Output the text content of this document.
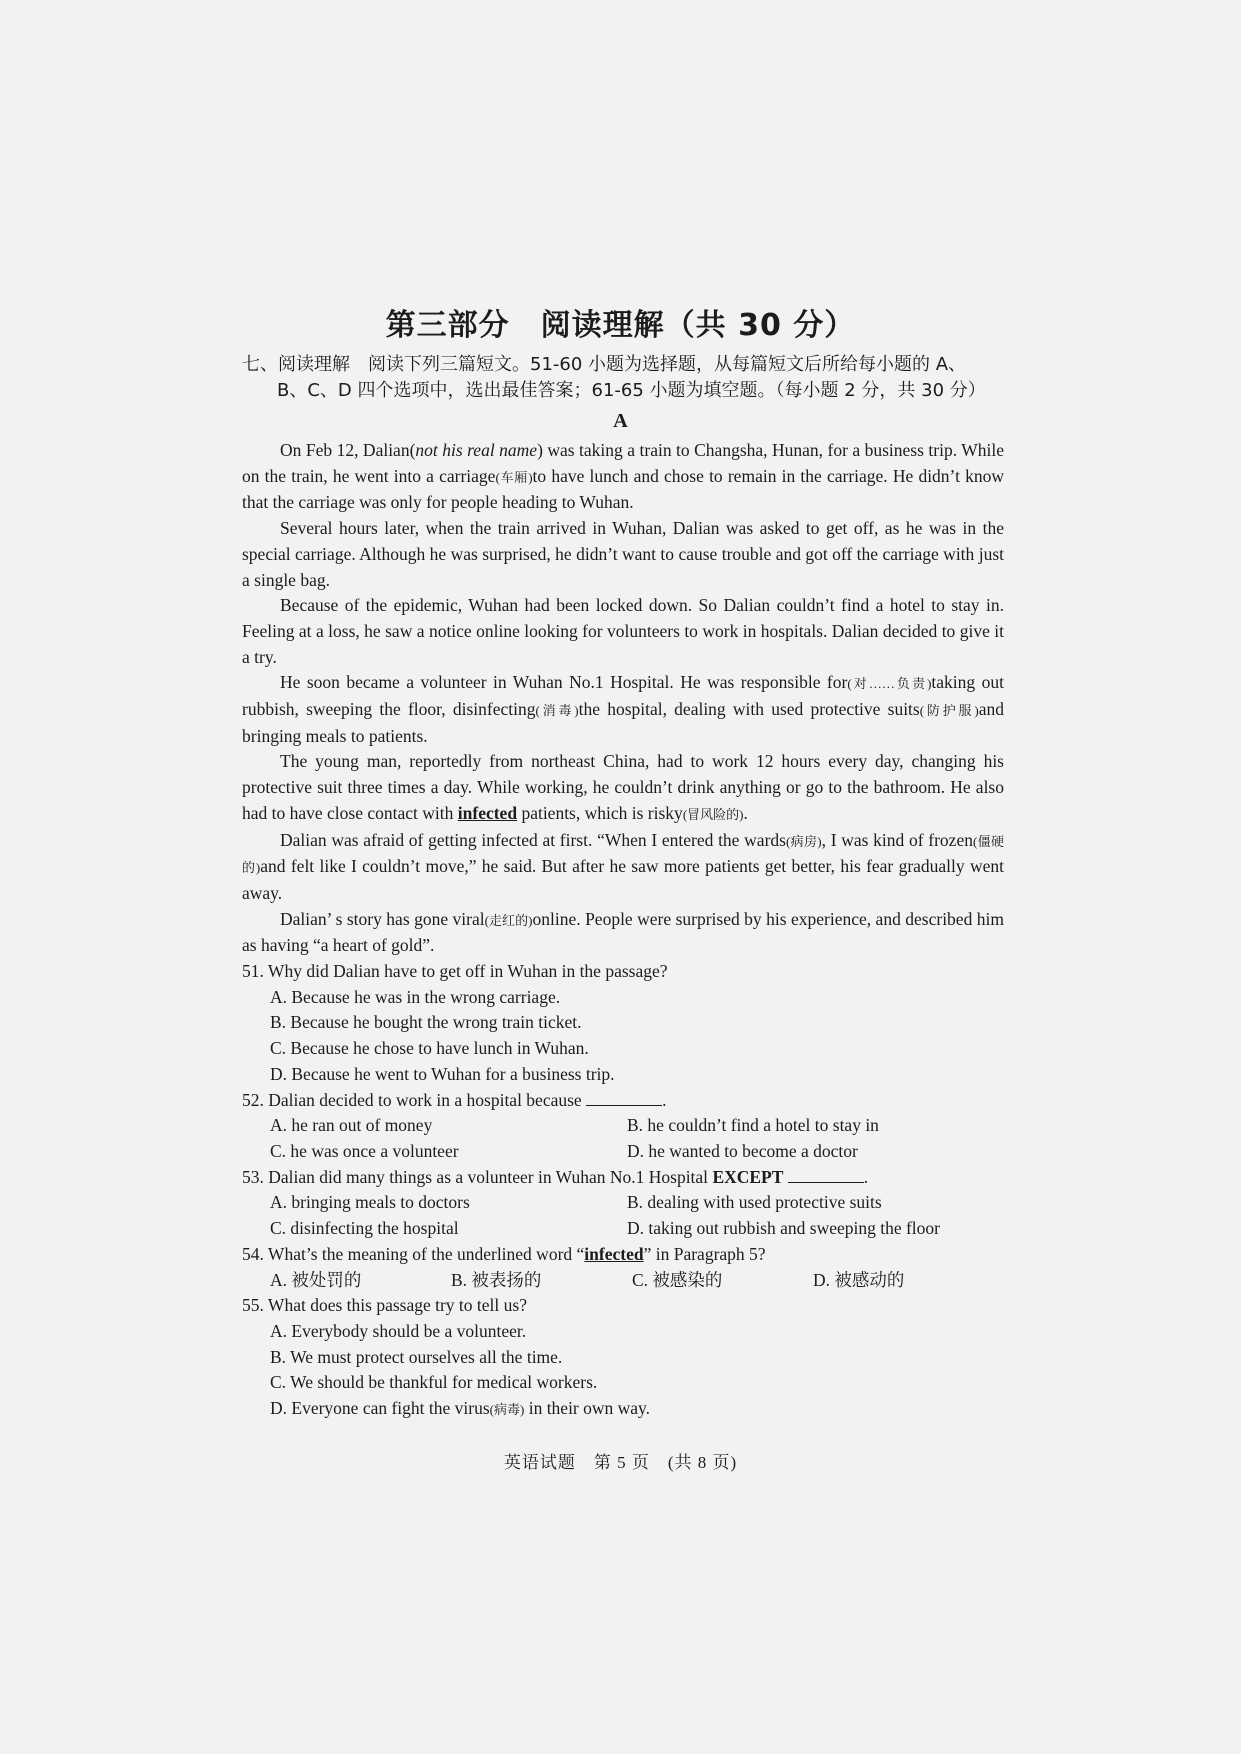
第三部分　阅读理解（共 30 分）
七、阅读理解　阅读下列三篇短文。51-60 小题为选择题，从每篇短文后所给每小题的 A、
B、C、D 四个选项中，选出最佳答案；61-65 小题为填空题。（每小题 2 分，共 30 分）
A

On Feb 12, Dalian(not his real name) was taking a train to Changsha, Hunan, for a business trip. While on the train, he went into a carriage(车厢)to have lunch and chose to remain in the carriage. He didn’t know that the carriage was only for people heading to Wuhan.

Several hours later, when the train arrived in Wuhan, Dalian was asked to get off, as he was in the special carriage. Although he was surprised, he didn’t want to cause trouble and got off the carriage with just a single bag.

Because of the epidemic, Wuhan had been locked down. So Dalian couldn’t find a hotel to stay in. Feeling at a loss, he saw a notice online looking for volunteers to work in hospitals. Dalian decided to give it a try.

He soon became a volunteer in Wuhan No.1 Hospital. He was responsible for(对……负责)taking out rubbish, sweeping the floor, disinfecting(消毒)the hospital, dealing with used protective suits(防护服)and bringing meals to patients.

The young man, reportedly from northeast China, had to work 12 hours every day, changing his protective suit three times a day. While working, he couldn’t drink anything or go to the bathroom. He also had to have close contact with infected patients, which is risky(冒风险的).

Dalian was afraid of getting infected at first. “When I entered the wards(病房), I was kind of frozen(僵硬的)and felt like I couldn’t move,” he said. But after he saw more patients get better, his fear gradually went away.

Dalian’ s story has gone viral(走红的)online. People were surprised by his experience, and described him as having “a heart of gold”.

51. Why did Dalian have to get off in Wuhan in the passage?
A. Because he was in the wrong carriage.
B. Because he bought the wrong train ticket.
C. Because he chose to have lunch in Wuhan.
D. Because he went to Wuhan for a business trip.
52. Dalian decided to work in a hospital because	.
A. he ran out of money	B. he couldn’t find a hotel to stay in
C. he was once a volunteer	D. he wanted to become a doctor
53. Dalian did many things as a volunteer in Wuhan No.1 Hospital EXCEPT	.
A. bringing meals to doctors	B. dealing with used protective suits
C. disinfecting the hospital	D. taking out rubbish and sweeping the floor
54. What’s the meaning of the underlined word “infected” in Paragraph 5?
A. 被处罚的	B. 被表扬的	C. 被感染的	D. 被感动的
55. What does this passage try to tell us?
A. Everybody should be a volunteer.
B. We must protect ourselves all the time.
C. We should be thankful for medical workers.
D. Everyone can fight the virus(病毒) in their own way.
英语试题　第 5 页　(共 8 页)
